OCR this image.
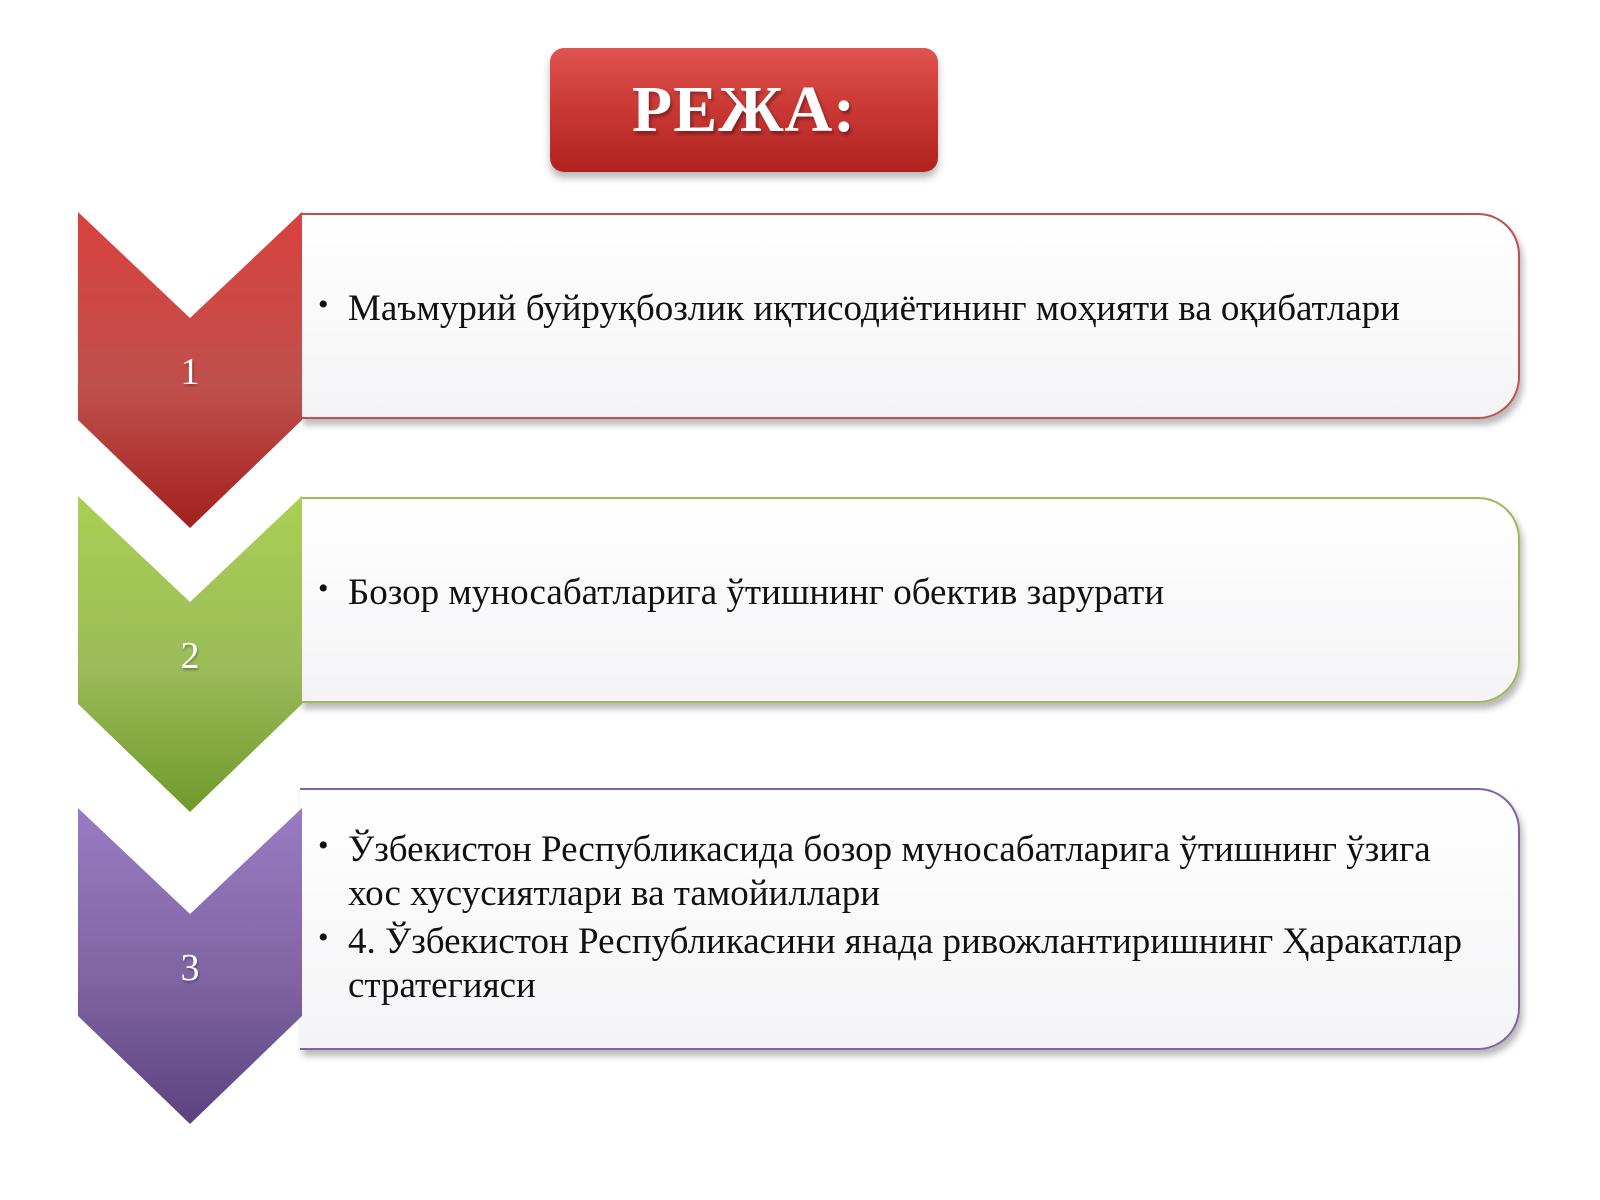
РЕЖА:
• Маъмурий буйруқбозлик иқтисодиётининг моҳияти ва оқибатлари
1
• Бозор муносабатларига ўтишнинг обектив зарурати
2
• Ўзбекистон Республикасида бозор муносабатларига ўтишнинг ўзига хос хусусиятлари ва тамойиллари
• 4. Ўзбекистон Республикасини янада ривожлантиришнинг Ҳаракатлар стратегияси
3
